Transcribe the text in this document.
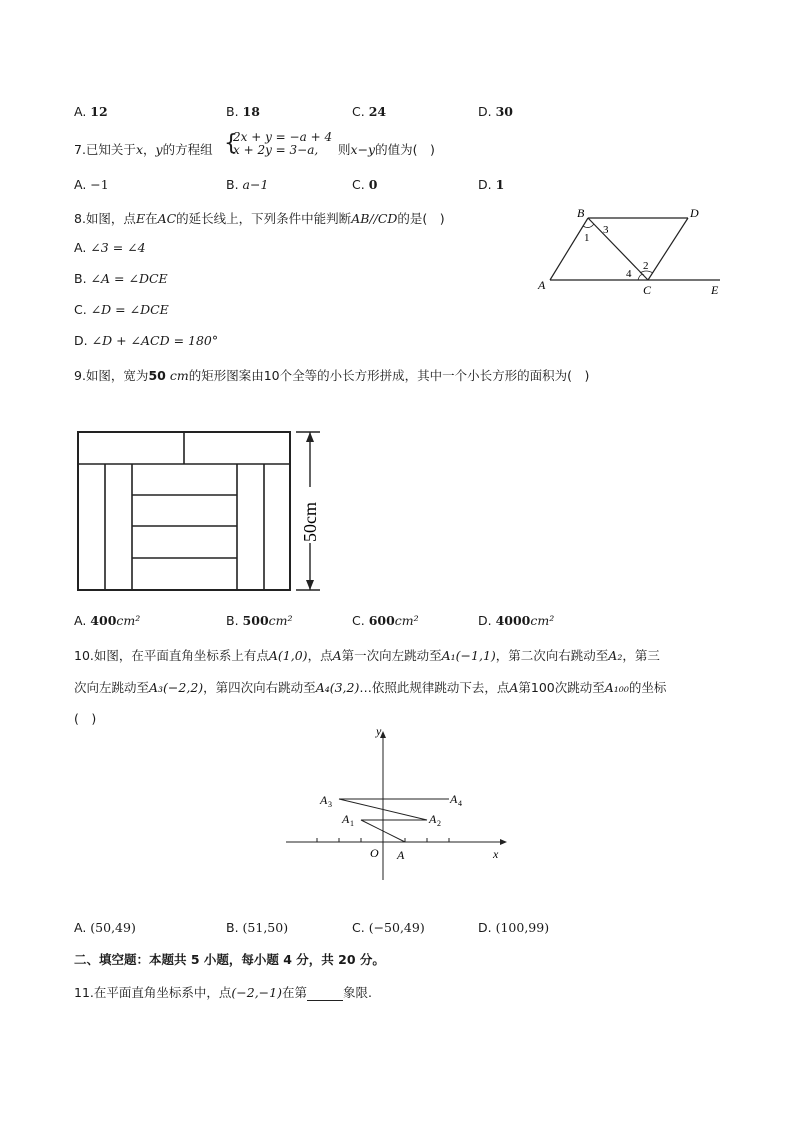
A. 12	B. 18	C. 24	D. 30
7.已知关于x，y的方程组 {
2x + y = −a + 4
x + 2y = 3−a,	则x−y的值为(　)
A. −1	B. a−1	C. 0	D. 1
8.如图，点E在AC的延长线上，下列条件中能判断AB//CD的是(　)
A. ∠3 = ∠4
B. ∠A = ∠DCE
C. ∠D = ∠DCE
D. ∠D + ∠ACD = 180°
B	D
A	C	E
1
3
2
4
9.如图，宽为50 cm的矩形图案由10个全等的小长方形拼成，其中一个小长方形的面积为(　)
50cm
A. 400cm²	B. 500cm²	C. 600cm²	D. 4000cm²
10.如图，在平面直角坐标系上有点A(1,0)，点A第一次向左跳动至A₁(−1,1)，第二次向右跳动至A₂，第三
次向左跳动至A₃(−2,2)，第四次向右跳动至A₄(3,2)…依照此规律跳动下去，点A第100次跳动至A₁₀₀的坐标
(　)
y
x
O A
A 1	A 2
A 3	A 4
A. (50,49)	B. (51,50)	C. (−50,49)	D. (100,99)
二、填空题：本题共 5 小题，每小题 4 分，共 20 分。
11.在平面直角坐标系中，点(−2,−1)在第	象限.
